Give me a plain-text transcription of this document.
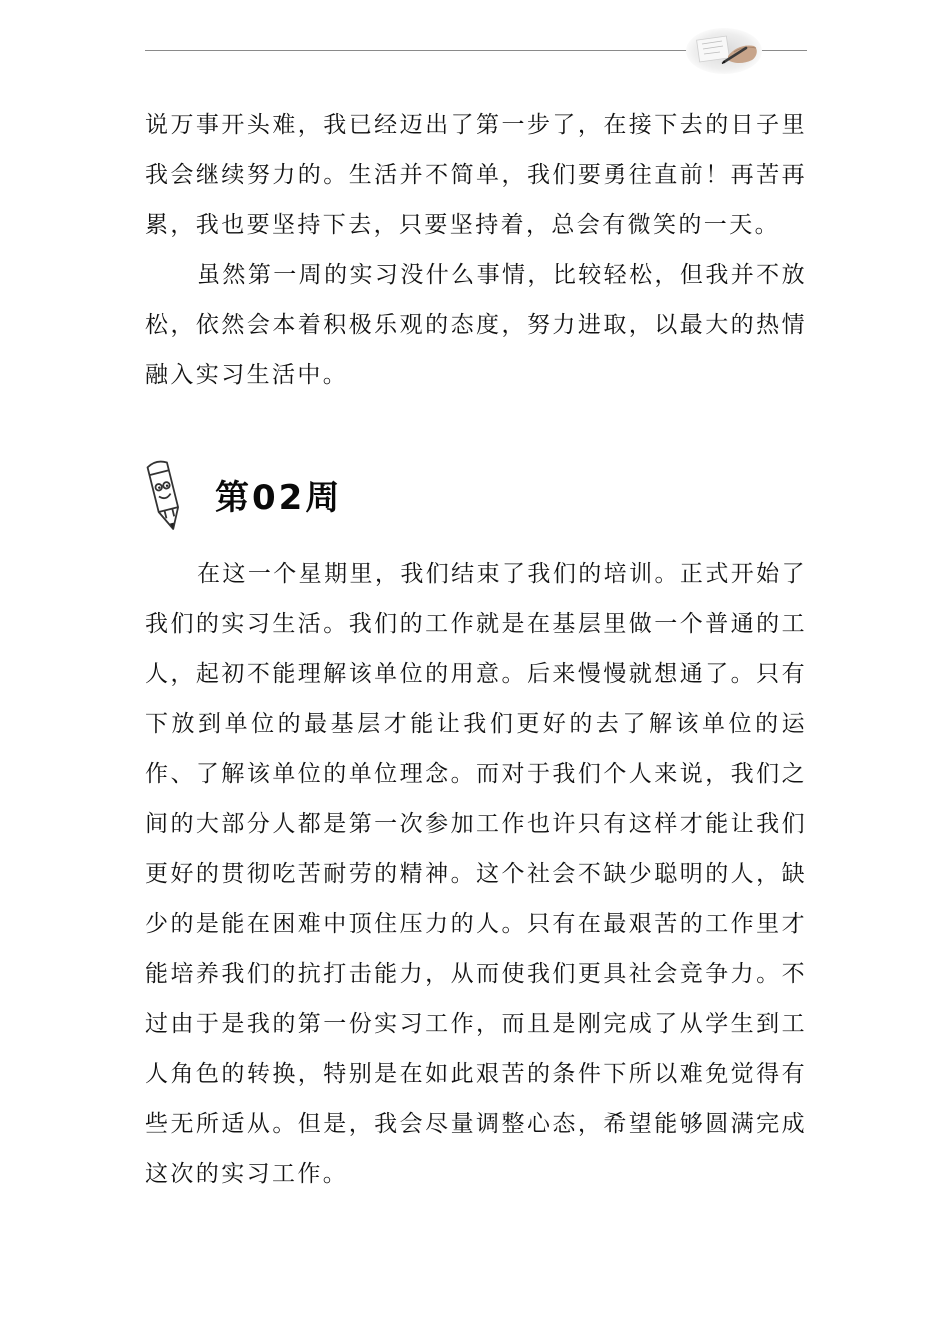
说万事开头难，我已经迈出了第一步了，在接下去的日子里我会继续努力的。生活并不简单，我们要勇往直前！再苦再累，我也要坚持下去，只要坚持着，总会有微笑的一天。

虽然第一周的实习没什么事情，比较轻松，但我并不放松，依然会本着积极乐观的态度，努力进取，以最大的热情融入实习生活中。

第02周

在这一个星期里，我们结束了我们的培训。正式开始了我们的实习生活。我们的工作就是在基层里做一个普通的工人，起初不能理解该单位的用意。后来慢慢就想通了。只有下放到单位的最基层才能让我们更好的去了解该单位的运作、了解该单位的单位理念。而对于我们个人来说，我们之间的大部分人都是第一次参加工作也许只有这样才能让我们更好的贯彻吃苦耐劳的精神。这个社会不缺少聪明的人，缺少的是能在困难中顶住压力的人。只有在最艰苦的工作里才能培养我们的抗打击能力，从而使我们更具社会竞争力。不过由于是我的第一份实习工作，而且是刚完成了从学生到工人角色的转换，特别是在如此艰苦的条件下所以难免觉得有些无所适从。但是，我会尽量调整心态，希望能够圆满完成这次的实习工作。
